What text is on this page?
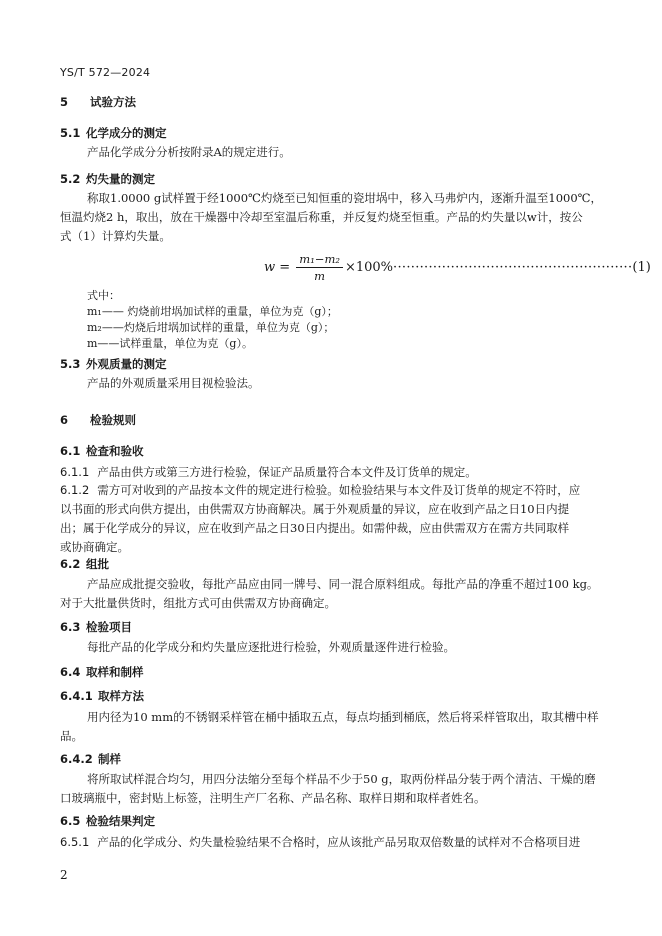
YS/T 572—2024
5 试验方法
5.1 化学成分的测定
产品化学成分分析按附录A的规定进行。
5.2 灼失量的测定
称取1.0000 g试样置于经1000℃灼烧至已知恒重的瓷坩埚中，移入马弗炉内，逐渐升温至1000℃，
恒温灼烧2 h，取出，放在干燥器中冷却至室温后称重，并反复灼烧至恒重。产品的灼失量以w计，按公
式（1）计算灼失量。
$w = \frac{\text{m₁−m₂}}{m} \times 100\%\cdot\cdot\cdot\cdot\cdot\cdot\cdot\cdot\cdot\cdot\cdot\cdot\cdot\cdot\cdot\cdot\cdot\cdot\cdot\cdot\cdot\cdot\cdot\cdot\cdot\cdot\cdot\cdot\cdot\cdot\cdot\cdot\cdot\cdot\cdot\cdot\cdot\cdot\cdot\cdot\cdot\cdot\cdot\cdot\cdot\cdot\cdot\cdot\cdot\cdot\cdot\cdot\cdot\cdot(1)$
式中：
m₁—— 灼烧前坩埚加试样的重量，单位为克（g）；
m₂——灼烧后坩埚加试样的重量，单位为克（g）；
m——试样重量，单位为克（g）。
5.3 外观质量的测定
产品的外观质量采用目视检验法。
6 检验规则
6.1 检查和验收
6.1.1 产品由供方或第三方进行检验，保证产品质量符合本文件及订货单的规定。
6.1.2 需方可对收到的产品按本文件的规定进行检验。如检验结果与本文件及订货单的规定不符时，应
以书面的形式向供方提出，由供需双方协商解决。属于外观质量的异议，应在收到产品之日10日内提
出；属于化学成分的异议，应在收到产品之日30日内提出。如需仲裁，应由供需双方在需方共同取样
或协商确定。
6.2 组批
产品应成批提交验收，每批产品应由同一牌号、同一混合原料组成。每批产品的净重不超过100 kg。
对于大批量供货时，组批方式可由供需双方协商确定。
6.3 检验项目
每批产品的化学成分和灼失量应逐批进行检验，外观质量逐件进行检验。
6.4 取样和制样
6.4.1 取样方法
用内径为10 mm的不锈钢采样管在桶中插取五点，每点均插到桶底，然后将采样管取出，取其槽中样
品。
6.4.2 制样
将所取试样混合均匀，用四分法缩分至每个样品不少于50 g，取两份样品分装于两个清洁、干燥的磨
口玻璃瓶中，密封贴上标签，注明生产厂名称、产品名称、取样日期和取样者姓名。
6.5 检验结果判定
6.5.1 产品的化学成分、灼失量检验结果不合格时，应从该批产品另取双倍数量的试样对不合格项目进
2
